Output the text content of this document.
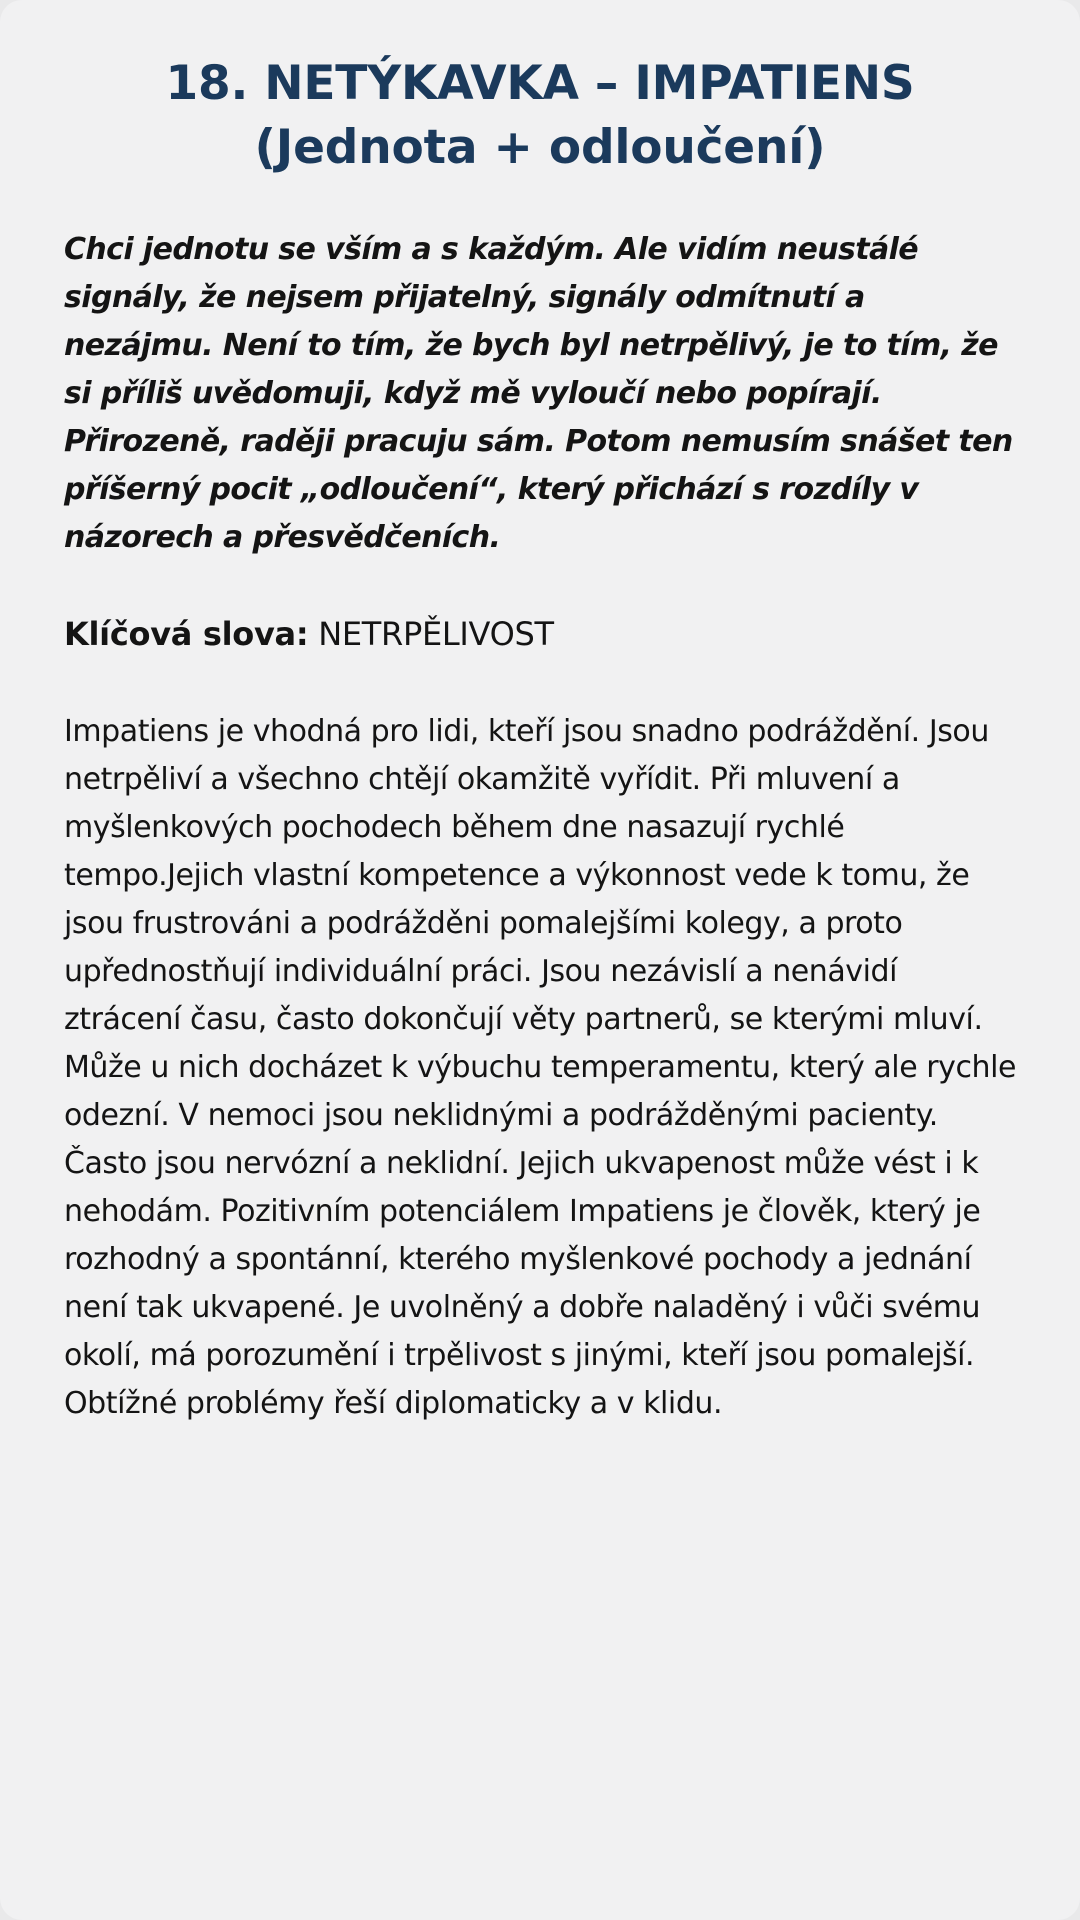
18. NETÝKAVKA – IMPATIENS
(Jednota + odloučení)

Chci jednotu se vším a s každým. Ale vidím neustálé signály, že nejsem přijatelný, signály odmítnutí a nezájmu. Není to tím, že bych byl netrpělivý, je to tím, že si příliš uvědomuji, když mě vyloučí nebo popírají. Přirozeně, raději pracuju sám. Potom nemusím snášet ten příšerný pocit „odloučení“, který přichází s rozdíly v názorech a přesvědčeních.

Klíčová slova: NETRPĚLIVOST

Impatiens je vhodná pro lidi, kteří jsou snadno podráždění. Jsou netrpěliví a všechno chtějí okamžitě vyřídit. Při mluvení a myšlenkových pochodech během dne nasazují rychlé tempo.Jejich vlastní kompetence a výkonnost vede k tomu, že jsou frustrováni a podrážděni pomalejšími kolegy, a proto upřednostňují individuální práci. Jsou nezávislí a nenávidí ztrácení času, často dokončují věty partnerů, se kterými mluví. Může u nich docházet k výbuchu temperamentu, který ale rychle odezní. V nemoci jsou neklidnými a podrážděnými pacienty. Často jsou nervózní a neklidní. Jejich ukvapenost může vést i k nehodám. Pozitivním potenciálem Impatiens je člověk, který je rozhodný a spontánní, kterého myšlenkové pochody a jednání není tak ukvapené. Je uvolněný a dobře naladěný i vůči svému okolí, má porozumění i trpělivost s jinými, kteří jsou pomalejší. Obtížné problémy řeší diplomaticky a v klidu.
